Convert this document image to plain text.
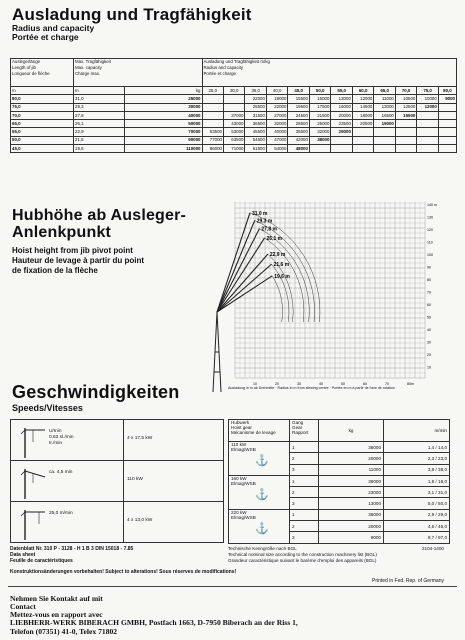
Ausladung und Tragfähigkeit
Radius and capacity
Portée et charge
Auslegerlänge
Length of jib
Longueur de flèche	Max. Tragfähigkeit
Max. capacity
Charge max.		Ausladung und Tragfähigkeit m/kg
Radius and capacity
Portée et charge											
m	m	kg	25,0	30,0	35,0	40,0	45,0	50,0	55,0	60,0	65,0	70,0	75,0	80,0
80,0	31,0	25000			22000	19000	15500	15000	13000	12000	11000	10500	10000	9000
75,0	29,3	30000			25500	22000	19500	17500	16000	14500	13000	12500	12000	
70,0	27,8	40000		37000	31500	27000	24500	21500	20000	18000	16500	15500		
65,0	26,1	50000		43000	36500	32000	28500	25000	23500	20500	19000			
55,0	22,9	70000	63500	53000	45500	40000	35500	32000	29000					
50,0	21,6	90000	77000	63500	54500	47000	42000	38000						
45,0	19,6	110000	86000	71000	61500	54000	48000							
Hubhöhe ab Ausleger-
Anlenkpunkt
Hoist height from jib pivot point
Hauteur de levage à partir du point
de fixation de la flèche
31,0 m
29,3 m
27,8 m
26,1 m
22,9 m
21,6 m
19,6 m
140 m
130
120
110
100
90
80
70
60
50
40
30
20
10
10	20	30	40	50	60	70	80m
Ausladung in m ab Drehmitte · Radius in m from slewing centre · Portée en m à partir de l'axe de rotation
Geschwindigkeiten
Speeds/Vitesses
U/min
0,63 sl./min
tr./min
4 x 17,5 kW
ca. 4,5 min
110 kW
25,0 m/min
4 x 13,0 kW
Hubwerk
Hoist gear
Mécanisme de levage	Gang
Gear
Rapport	kg	m/min
110 kW
Elmag/WSB
⚓	1	36000	1,4 / 14,0
	2	20000	2,3 / 23,0
	3	11000	3,8 / 38,0
160 kW
Elmag/WSB
⚓	1	36000	1,8 / 18,0
	2	23000	3,1 / 31,0
	3	13000	5,0 / 50,0
220 kW
Elmag/WSB
⚓	1	36000	2,9 / 29,0
	2	20000	4,6 / 46,0
	3	9000	9,7 / 97,0
Datenblatt Nr. 310 P - 3128 - H 1 B 3 DIN 15018 - 7.85
Data sheet
Feuille de caractéristiques
Technische Kenngröße nach BGL	2104-1400
Technical nominal size according to the construction machinery list (BGL)
Grandeur caractéristique suivant le barème d'emploi des appareils (BGL)
Konstruktionsänderungen vorbehalten! Subject to alterations! Sous réserves de modifications!
Printed in Fed. Rep. of Germany
Nehmen Sie Kontakt auf mit
Contact
Mettez-vous en rapport avec
LIEBHERR-WERK BIBERACH GMBH, Postfach 1663, D-7950 Biberach an der Riss 1,
Telefon (07351) 41-0, Telex 71802
